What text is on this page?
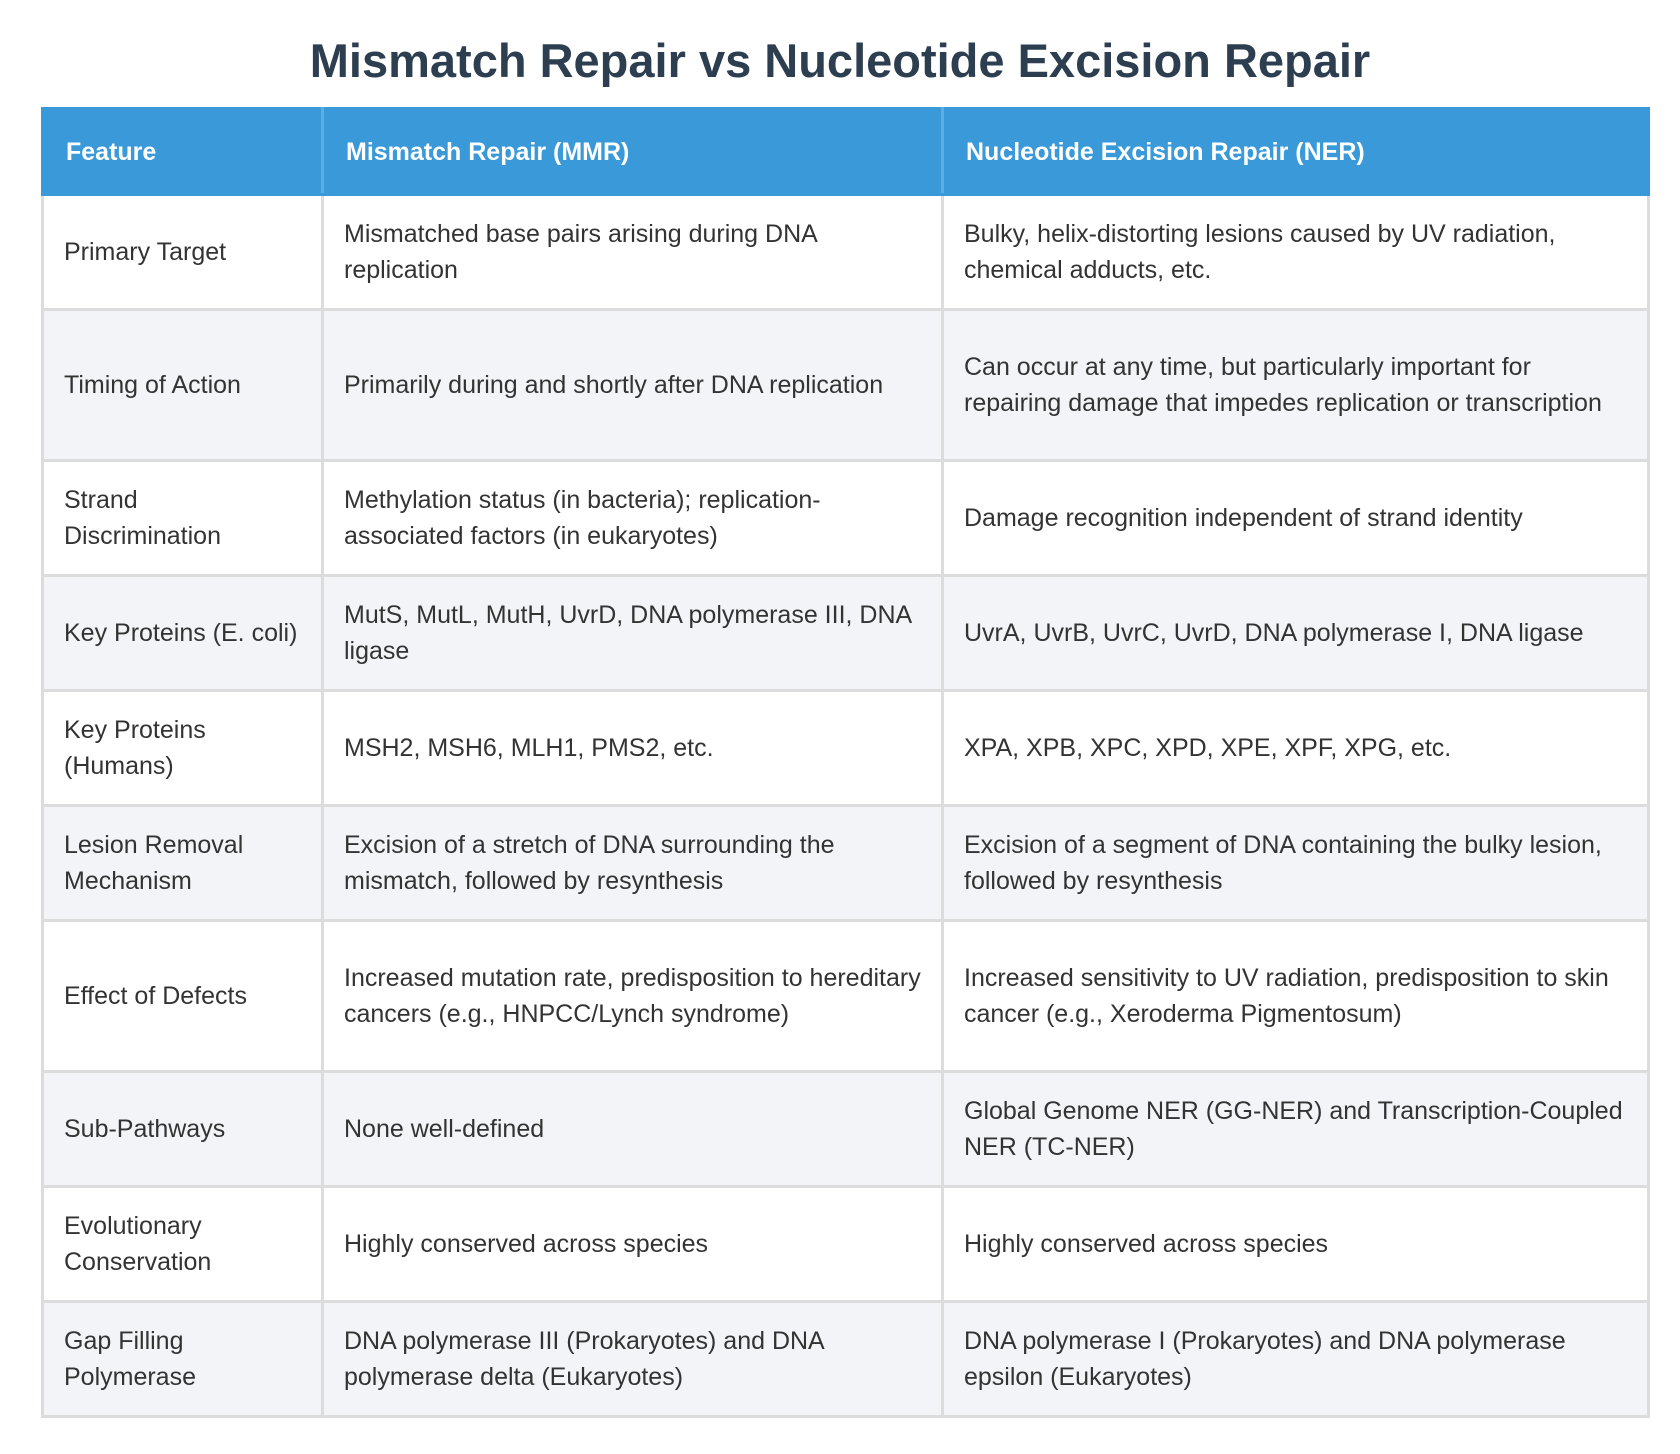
Mismatch Repair vs Nucleotide Excision Repair
Feature	Mismatch Repair (MMR)	Nucleotide Excision Repair (NER)
Primary Target	Mismatched base pairs arising during DNA replication	Bulky, helix-distorting lesions caused by UV radiation, chemical adducts, etc.
Timing of Action	Primarily during and shortly after DNA replication	Can occur at any time, but particularly important for repairing damage that impedes replication or transcription
Strand Discrimination	Methylation status (in bacteria); replication-associated factors (in eukaryotes)	Damage recognition independent of strand identity
Key Proteins (E. coli)	MutS, MutL, MutH, UvrD, DNA polymerase III, DNA ligase	UvrA, UvrB, UvrC, UvrD, DNA polymerase I, DNA ligase
Key Proteins (Humans)	MSH2, MSH6, MLH1, PMS2, etc.	XPA, XPB, XPC, XPD, XPE, XPF, XPG, etc.
Lesion Removal Mechanism	Excision of a stretch of DNA surrounding the mismatch, followed by resynthesis	Excision of a segment of DNA containing the bulky lesion, followed by resynthesis
Effect of Defects	Increased mutation rate, predisposition to hereditary cancers (e.g., HNPCC/Lynch syndrome)	Increased sensitivity to UV radiation, predisposition to skin cancer (e.g., Xeroderma Pigmentosum)
Sub-Pathways	None well-defined	Global Genome NER (GG-NER) and Transcription-Coupled NER (TC-NER)
Evolutionary Conservation	Highly conserved across species	Highly conserved across species
Gap Filling Polymerase	DNA polymerase III (Prokaryotes) and DNA polymerase delta (Eukaryotes)	DNA polymerase I (Prokaryotes) and DNA polymerase epsilon (Eukaryotes)
